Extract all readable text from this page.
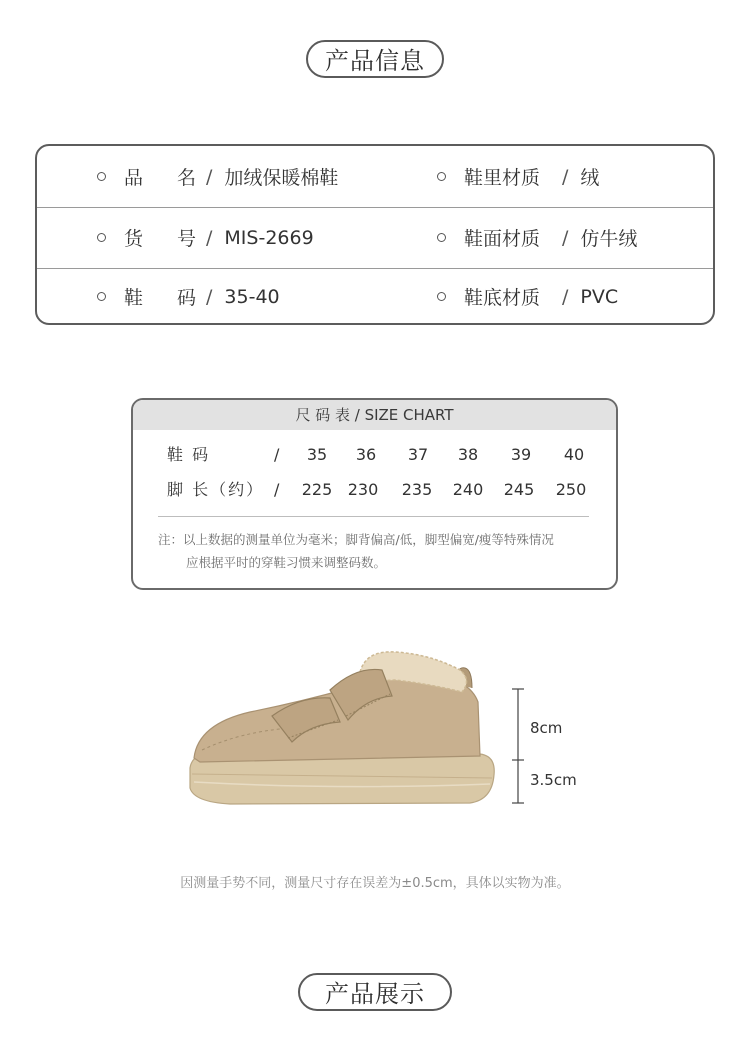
产品信息
品名 / 加绒保暖棉鞋	鞋里材质	/ 绒
货号 / MIS-2669	鞋面材质	/ 仿牛绒
鞋码 / 35-40	鞋底材质	/ PVC
尺 码 表 / SIZE CHART
鞋 码	/	35	36	37	38	39	40
脚 长（约） / 225 230 235 240 245 250
注：以上数据的测量单位为毫米；脚背偏高/低，脚型偏宽/瘦等特殊情况
应根据平时的穿鞋习惯来调整码数。
8cm
3.5cm
因测量手势不同，测量尺寸存在误差为±0.5cm，具体以实物为准。
产品展示
